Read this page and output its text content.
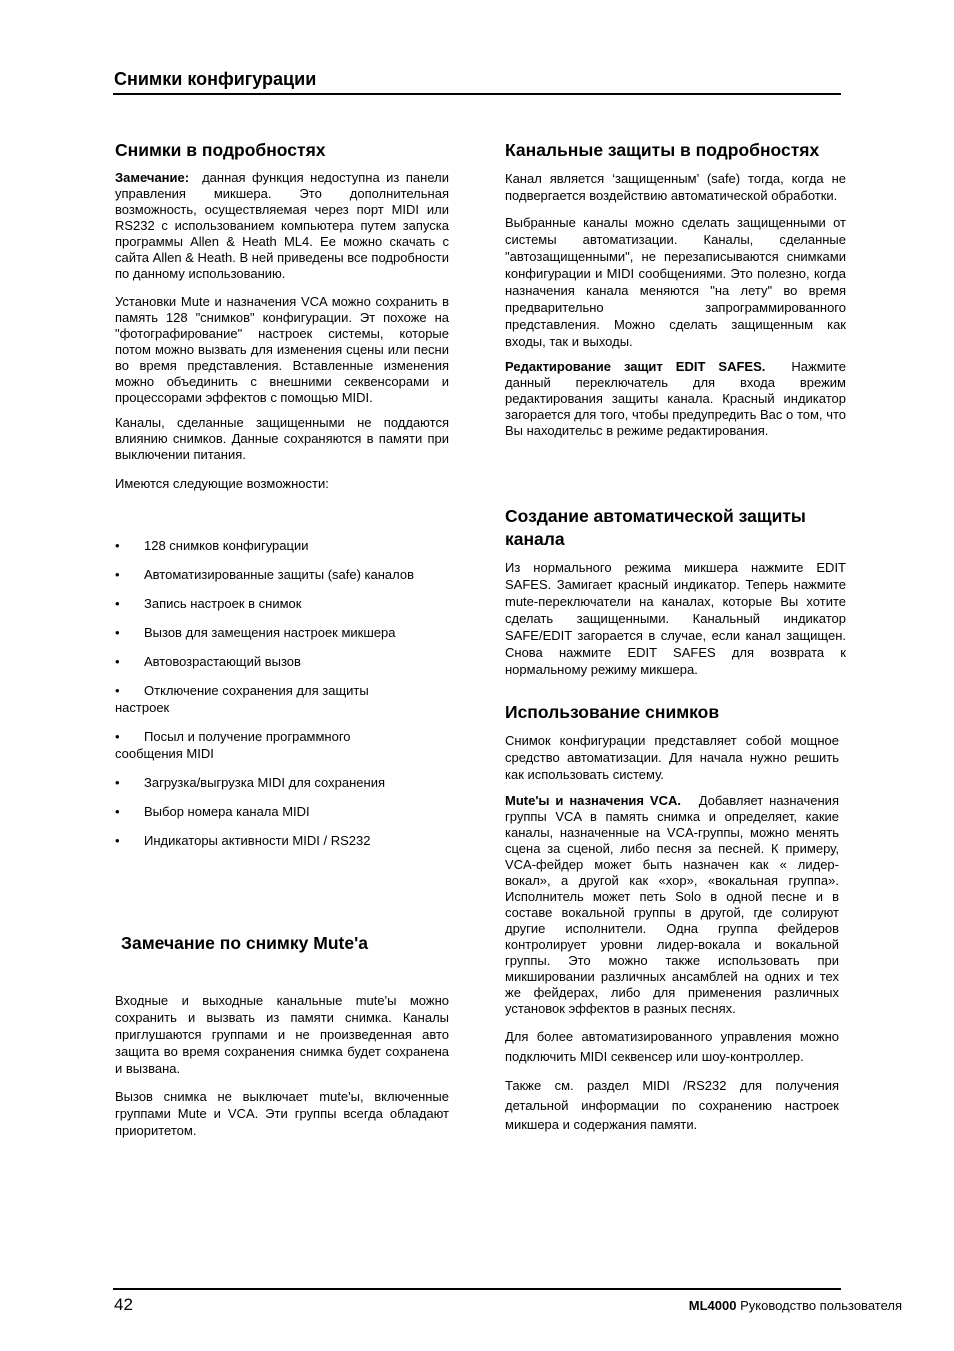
Снимки конфигурации
Снимки в подробностях

Замечание: данная функция недоступна из панели управления микшера. Это дополнительная возможность, осуществляемая через порт MIDI или RS232 с использованием компьютера путем запуска программы Allen & Heath ML4. Ее можно скачать с сайта Allen & Heath. В ней приведены все подробности по данному использованию.

Установки Mute и назначения VCA можно сохранить в память 128 "снимков" конфигурации. Эт похоже на "фотографирование" настроек системы, которые потом можно вызвать для изменения сцены или песни во время представления. Вставленные изменения можно объединить с внешними секвенсорами и процессорами эффектов с помощью MIDI.

Каналы, сделанные защищенными не поддаются влиянию снимков. Данные сохраняются в памяти при выключении питания.

Имеются следующие возможности:

• 128 снимков конфигурации
• Автоматизированные защиты (safe) каналов
• Запись настроек в снимок
• Вызов для замещения настроек микшера
• Автовозрастающий вызов
• Отключение сохранения для защиты настроек
• Посыл и получение программного сообщения MIDI
• Загрузка/выгрузка MIDI для сохранения
• Выбор номера канала MIDI
• Индикаторы активности MIDI / RS232
Замечание по снимку Mute'a

Входные и выходные канальные mute'ы можно сохранить и вызвать из памяти снимка. Каналы приглушаются группами и не произведенная авто защита во время сохранения снимка будет сохранена и вызвана.

Вызов снимка не выключает mute'ы, включенные группами Mute и VCA. Эти группы всегда обладают приоритетом.

Канальные защиты в подробностях

Канал является ‘защищенным’ (safe) тогда, когда не подвергается воздействию автоматической обработки.

Выбранные каналы можно сделать защищенными от системы автоматизации. Каналы, сделанные "автозащищенными", не перезаписываются снимками конфигурации и MIDI сообщениями. Это полезно, когда назначения канала меняются "на лету" во время предварительно запрограммированного представления. Можно сделать защищенным как входы, так и выходы.

Редактирование защит EDIT SAFES. Нажмите данный переключатель для входа врежим редактирования защиты канала. Красный индикатор загорается для того, чтобы предупредить Вас о том, что Вы находительс в режиме редактирования.

Создание автоматической защиты канала

Из нормального режима микшера нажмите EDIT SAFES. Замигает красный индикатор. Теперь нажмите mute-переключатели на каналах, которые Вы хотите сделать защищенными. Канальный индикатор SAFE/EDIT загорается в случае, если канал защищен. Снова нажмите EDIT SAFES для возврата к нормальному режиму микшера.

Использование снимков

Снимок конфигурации представляет собой мощное средство автоматизации. Для начала нужно решить как использовать систему.

Mute'ы и назначения VCA. Добавляет назначения группы VCA в память снимка и определяет, какие каналы, назначенные на VCA-группы, можно менять сцена за сценой, либо песня за песней. К примеру, VCA-фейдер может быть назначен как « лидер-вокал», а другой как «хор», «вокальная группа». Исполнитель может петь Solo в одной песне и в составе вокальной группы в другой, где солируют другие исполнители. Одна группа фейдеров контролирует уровни лидер-вокала и вокальной группы. Это можно также использовать при микшировании различных ансамблей на одних и тех же фейдерах, либо для применения различных установок эффектов в разных песнях.

Для более автоматизированного управления можно подключить MIDI секвенсер или шоу-контроллер.

Также см. раздел MIDI /RS232 для получения детальной информации по сохранению настроек микшера и содержания памяти.

42	ML4000 Руководство пользователя
